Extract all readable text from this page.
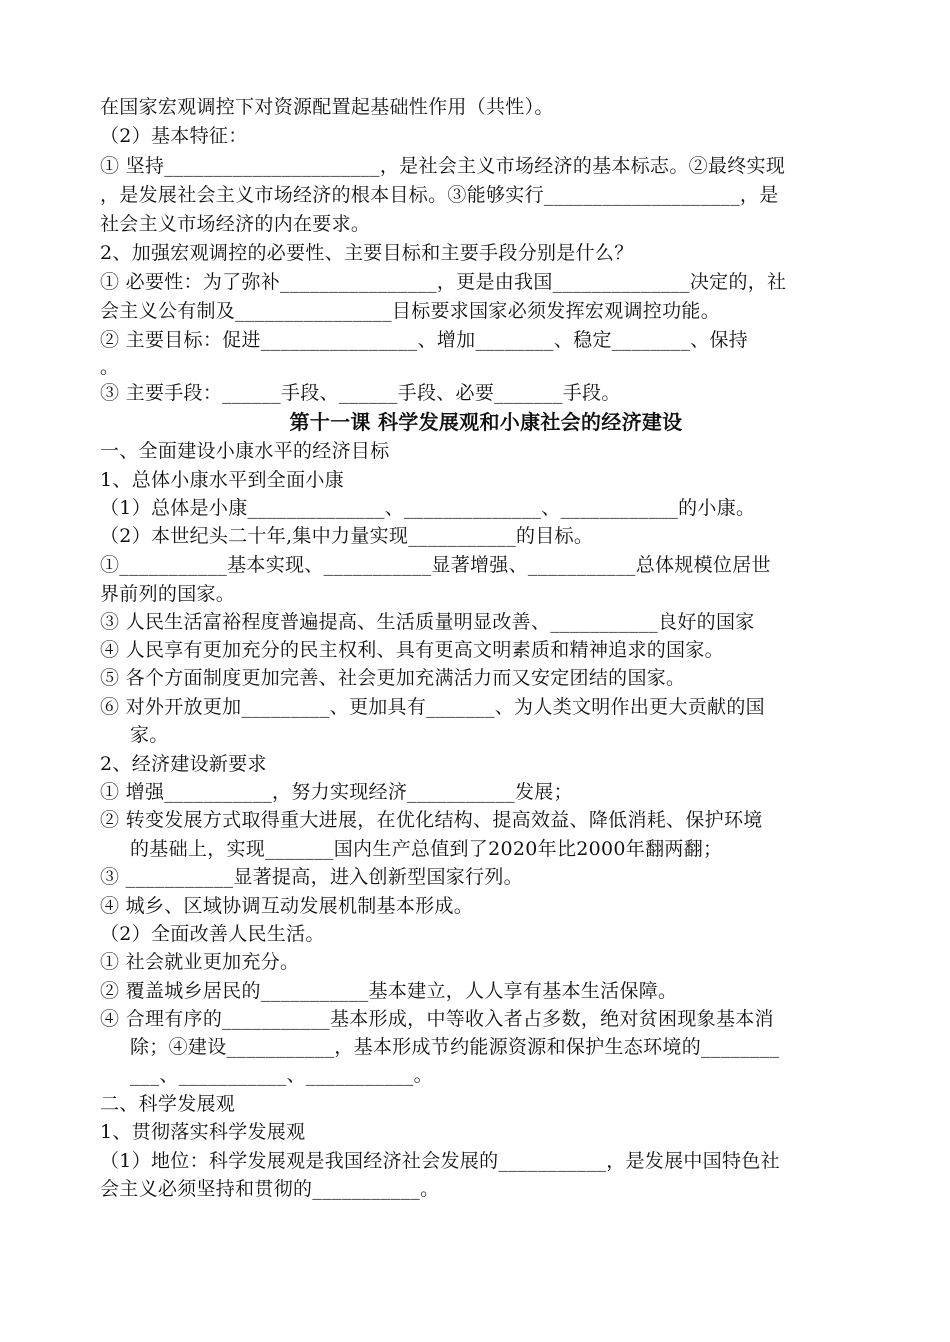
在国家宏观调控下对资源配置起基础性作用（共性）。
（2）基本特征：
① 坚持______________________，是社会主义市场经济的基本标志。②最终实现
，是发展社会主义市场经济的根本目标。③能够实行____________________，是
社会主义市场经济的内在要求。
2、加强宏观调控的必要性、主要目标和主要手段分别是什么？
① 必要性：为了弥补________________，更是由我国______________决定的，社
会主义公有制及________________目标要求国家必须发挥宏观调控功能。
② 主要目标：促进________________、增加________、稳定________、保持
。
③ 主要手段：______手段、______手段、必要_______手段。
第十一课 科学发展观和小康社会的经济建设
一、全面建设小康水平的经济目标
1、总体小康水平到全面小康
（1）总体是小康______________、______________、____________的小康。
（2）本世纪头二十年,集中力量实现___________的目标。
①___________基本实现、___________显著增强、___________总体规模位居世
界前列的国家。
③ 人民生活富裕程度普遍提高、生活质量明显改善、___________良好的国家
④ 人民享有更加充分的民主权利、具有更高文明素质和精神追求的国家。
⑤ 各个方面制度更加完善、社会更加充满活力而又安定团结的国家。
⑥ 对外开放更加_________、更加具有_______、为人类文明作出更大贡献的国
家。
2、经济建设新要求
① 增强___________，努力实现经济___________发展；
② 转变发展方式取得重大进展，在优化结构、提高效益、降低消耗、保护环境
的基础上，实现_______国内生产总值到了2020年比2000年翻两翻；
③ ___________显著提高，进入创新型国家行列。
④ 城乡、区域协调互动发展机制基本形成。
（2）全面改善人民生活。
① 社会就业更加充分。
② 覆盖城乡居民的___________基本建立，人人享有基本生活保障。
④ 合理有序的___________基本形成，中等收入者占多数，绝对贫困现象基本消
除；④建设___________，基本形成节约能源资源和保护生态环境的________
___、___________、___________。
二、科学发展观
1、贯彻落实科学发展观
（1）地位：科学发展观是我国经济社会发展的___________，是发展中国特色社
会主义必须坚持和贯彻的___________。
